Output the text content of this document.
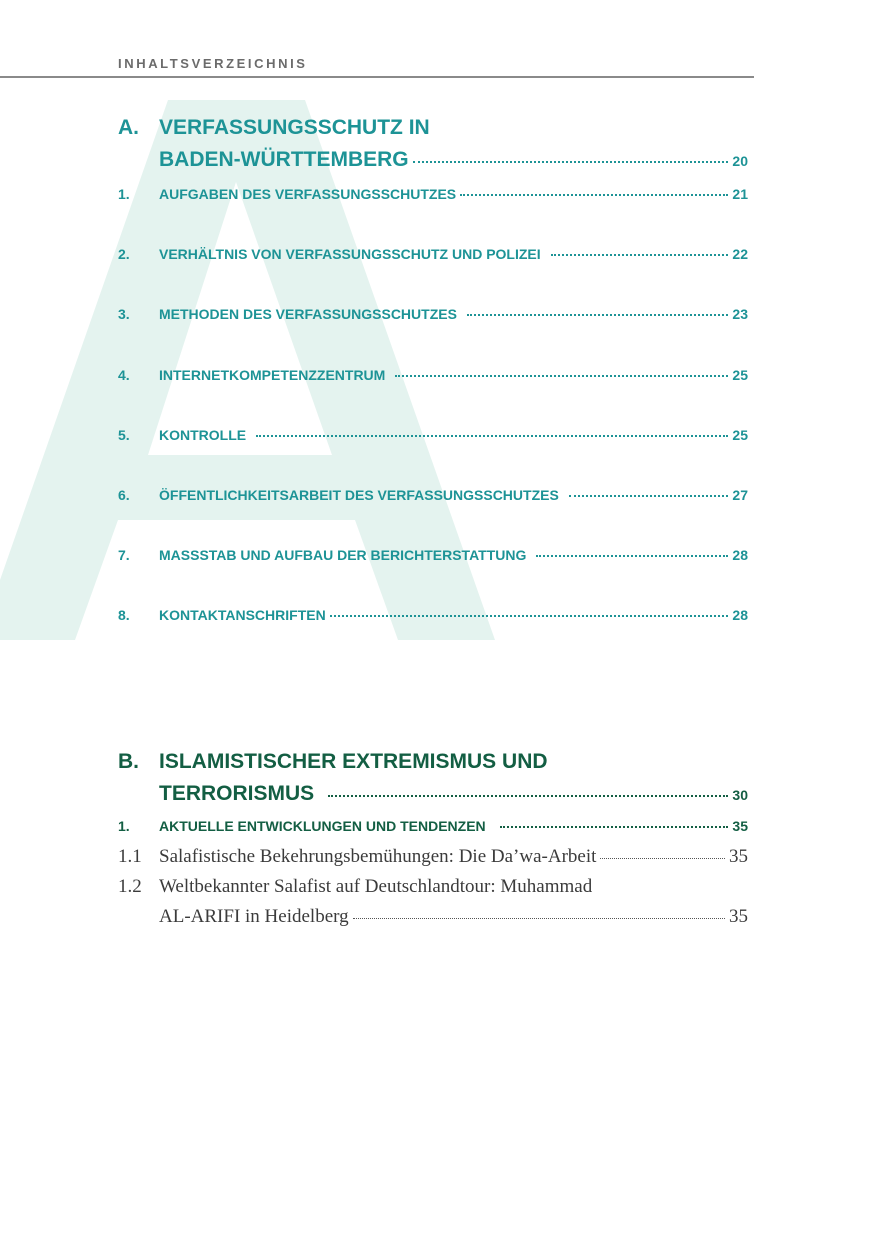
INHALTSVERZEICHNIS
A. VERFASSUNGSSCHUTZ IN
BADEN-WÜRTTEMBERG	20
1.	AUFGABEN DES VERFASSUNGSSCHUTZES	21
2.	VERHÄLTNIS VON VERFASSUNGSSCHUTZ UND POLIZEI	22
3.	METHODEN DES VERFASSUNGSSCHUTZES	23
4.	INTERNETKOMPETENZZENTRUM	25
5.	KONTROLLE	25
6.	ÖFFENTLICHKEITSARBEIT DES VERFASSUNGSSCHUTZES	27
7.	MASSSTAB UND AUFBAU DER BERICHTERSTATTUNG	28
8.	KONTAKTANSCHRIFTEN	28
B. ISLAMISTISCHER EXTREMISMUS UND
TERRORISMUS	30
1.	AKTUELLE ENTWICKLUNGEN UND TENDENZEN	35
1.1 Salafistische Bekehrungsbemühungen: Die Da’wa-Arbeit	35
1.2 Weltbekannter Salafist auf Deutschlandtour: Muhammad
AL-ARIFI in Heidelberg	35
